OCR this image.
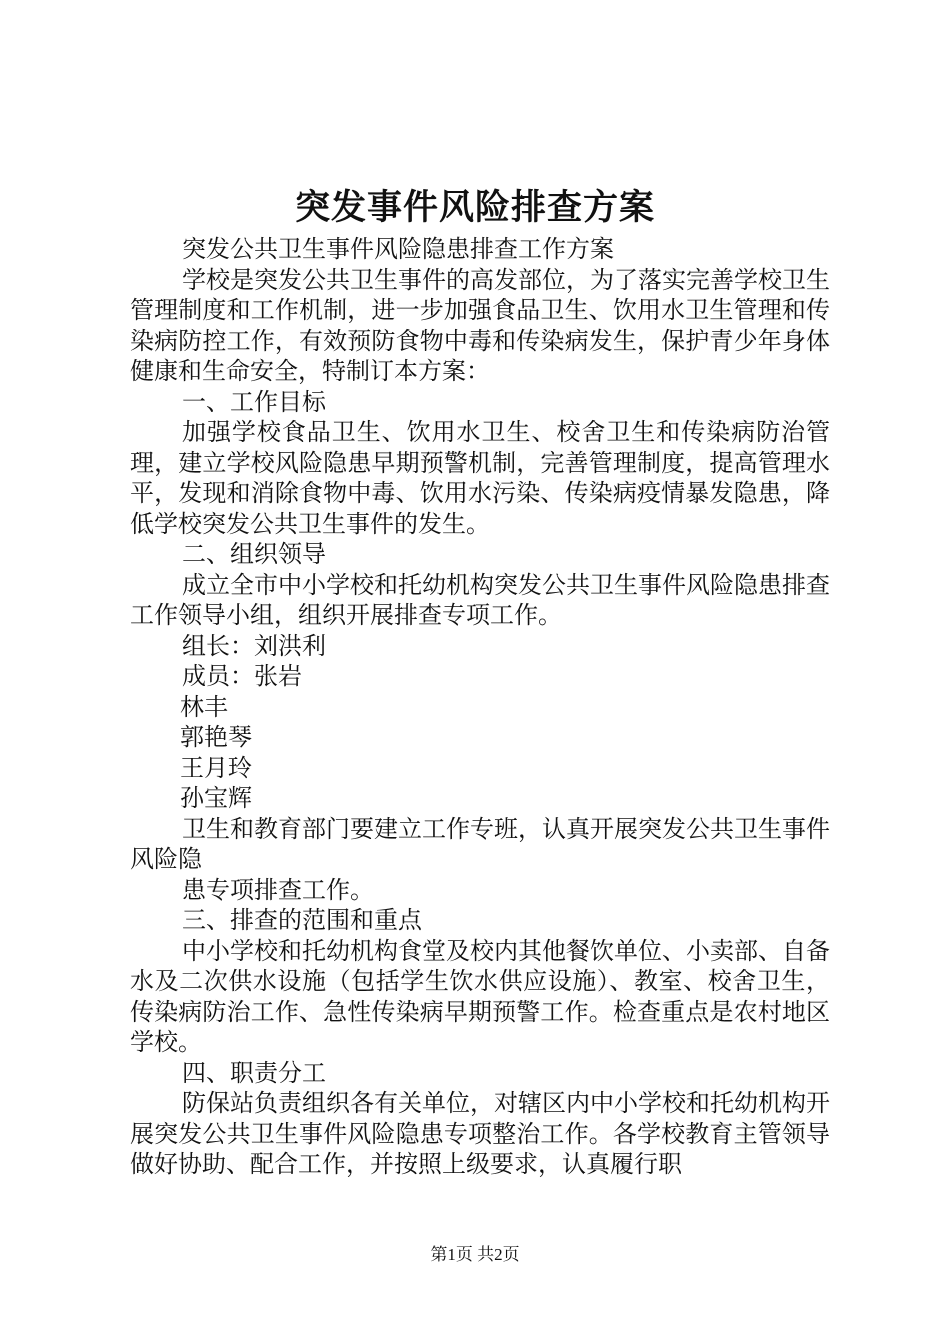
突发事件风险排查方案

突发公共卫生事件风险隐患排查工作方案

学校是突发公共卫生事件的高发部位，为了落实完善学校卫生管理制度和工作机制，进一步加强食品卫生、饮用水卫生管理和传染病防控工作，有效预防食物中毒和传染病发生，保护青少年身体健康和生命安全，特制订本方案：

一、工作目标

加强学校食品卫生、饮用水卫生、校舍卫生和传染病防治管理，建立学校风险隐患早期预警机制，完善管理制度，提高管理水平，发现和消除食物中毒、饮用水污染、传染病疫情暴发隐患，降低学校突发公共卫生事件的发生。

二、组织领导

成立全市中小学校和托幼机构突发公共卫生事件风险隐患排查工作领导小组，组织开展排查专项工作。

组长：刘洪利

成员：张岩

林丰

郭艳琴

王月玲

孙宝辉

卫生和教育部门要建立工作专班，认真开展突发公共卫生事件风险隐

患专项排查工作。

三、排查的范围和重点

中小学校和托幼机构食堂及校内其他餐饮单位、小卖部、自备水及二次供水设施（包括学生饮水供应设施）、教室、校舍卫生，传染病防治工作、急性传染病早期预警工作。检查重点是农村地区学校。

四、职责分工

防保站负责组织各有关单位，对辖区内中小学校和托幼机构开展突发公共卫生事件风险隐患专项整治工作。各学校教育主管领导做好协助、配合工作，并按照上级要求，认真履行职

第1页 共2页
